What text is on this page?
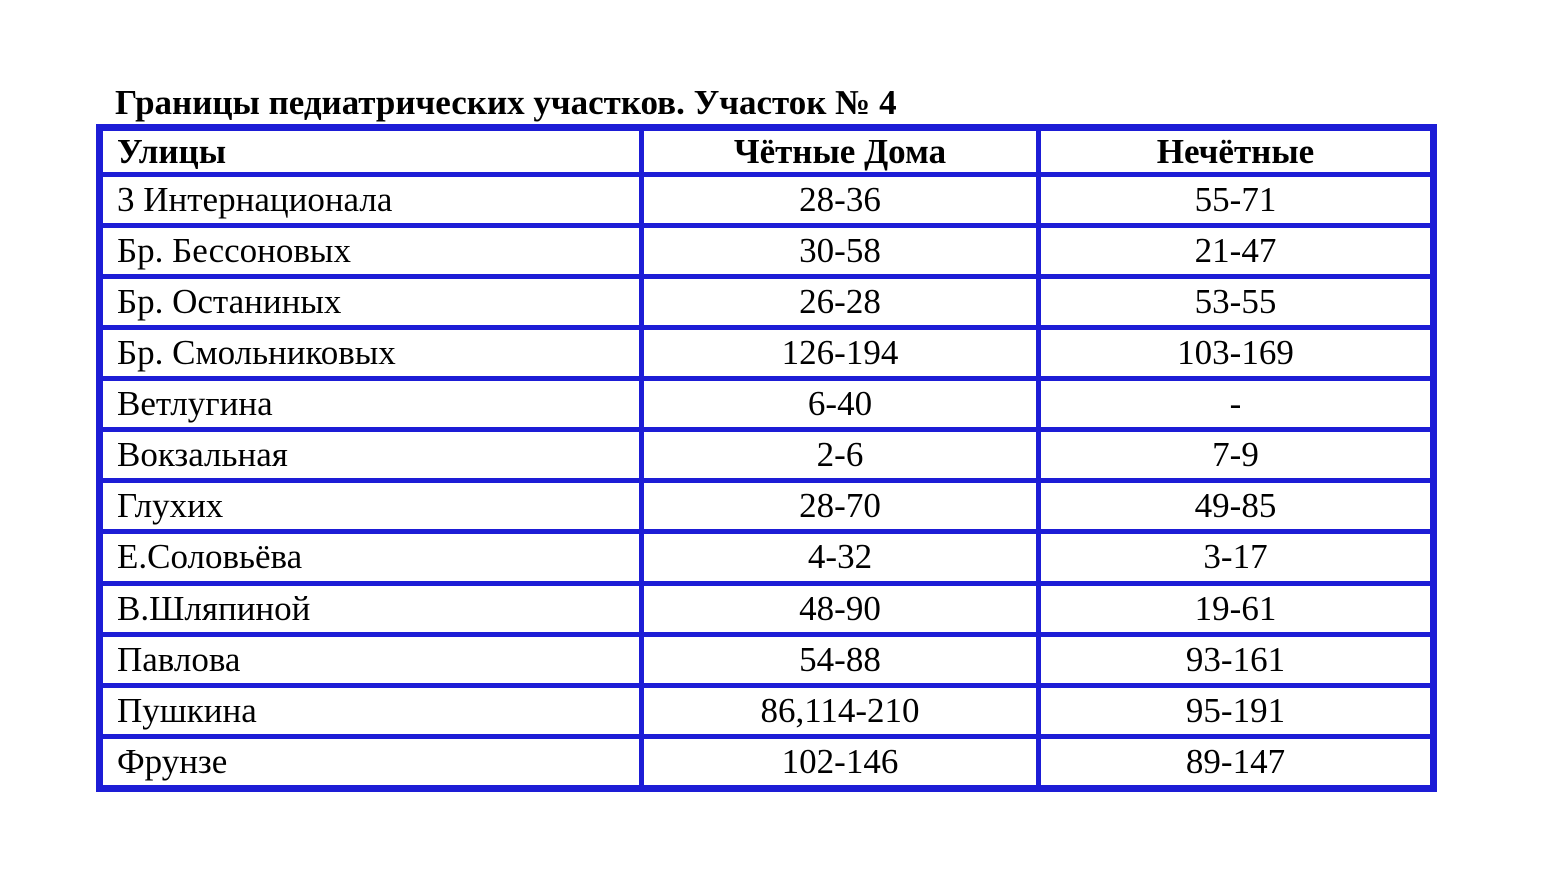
Границы педиатрических участков. Участок № 4
Улицы	Чётные Дома	Нечётные
3 Интернационала	28-36	55-71
Бр. Бессоновых	30-58	21-47
Бр. Останиных	26-28	53-55
Бр. Смольниковых	126-194	103-169
Ветлугина	6-40	-
Вокзальная	2-6	7-9
Глухих	28-70	49-85
Е.Соловьёва	4-32	3-17
В.Шляпиной	48-90	19-61
Павлова	54-88	93-161
Пушкина	86,114-210	95-191
Фрунзе	102-146	89-147
